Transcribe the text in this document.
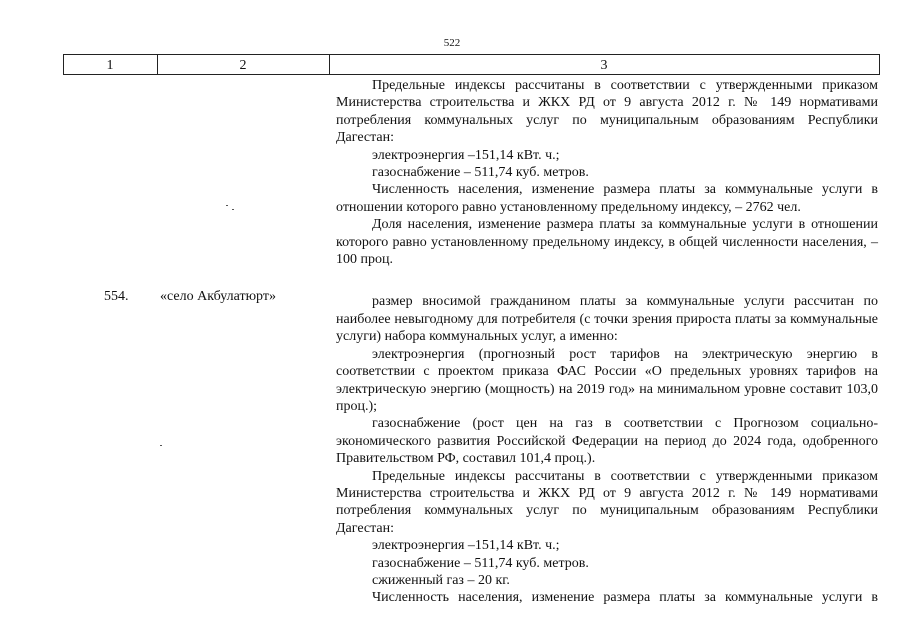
522
1	2	3
554. «село Акбулатюрт»

Предельные индексы рассчитаны в соответствии с утвержденными приказом Министерства строительства и ЖКХ РД от 9 августа 2012 г. № 149 нормативами потребления коммунальных услуг по муниципальным образованиям Республики Дагестан:

электроэнергия –151,14 кВт. ч.;

газоснабжение – 511,74 куб. метров.

Численность населения, изменение размера платы за коммунальные услуги в отношении которого равно установленному предельному индексу, – 2762 чел.

Доля населения, изменение размера платы за коммунальные услуги в отношении которого равно установленному предельному индексу, в общей численности населения, – 100 проц.

размер вносимой гражданином платы за коммунальные услуги рассчитан по наиболее невыгодному для потребителя (с точки зрения прироста платы за коммунальные услуги) набора коммунальных услуг, а именно:

электроэнергия (прогнозный рост тарифов на электрическую энергию в соответствии с проектом приказа ФАС России «О предельных уровнях тарифов на электрическую энергию (мощность) на 2019 год» на минимальном уровне составит 103,0 проц.);

газоснабжение (рост цен на газ в соответствии с Прогнозом социально-экономического развития Российской Федерации на период до 2024 года, одобренного Правительством РФ, составил 101,4 проц.).

Предельные индексы рассчитаны в соответствии с утвержденными приказом Министерства строительства и ЖКХ РД от 9 августа 2012 г. № 149 нормативами потребления коммунальных услуг по муниципальным образованиям Республики Дагестан:

электроэнергия –151,14 кВт. ч.;

газоснабжение – 511,74 куб. метров.

сжиженный газ – 20 кг.

Численность населения, изменение размера платы за коммунальные услуги в
